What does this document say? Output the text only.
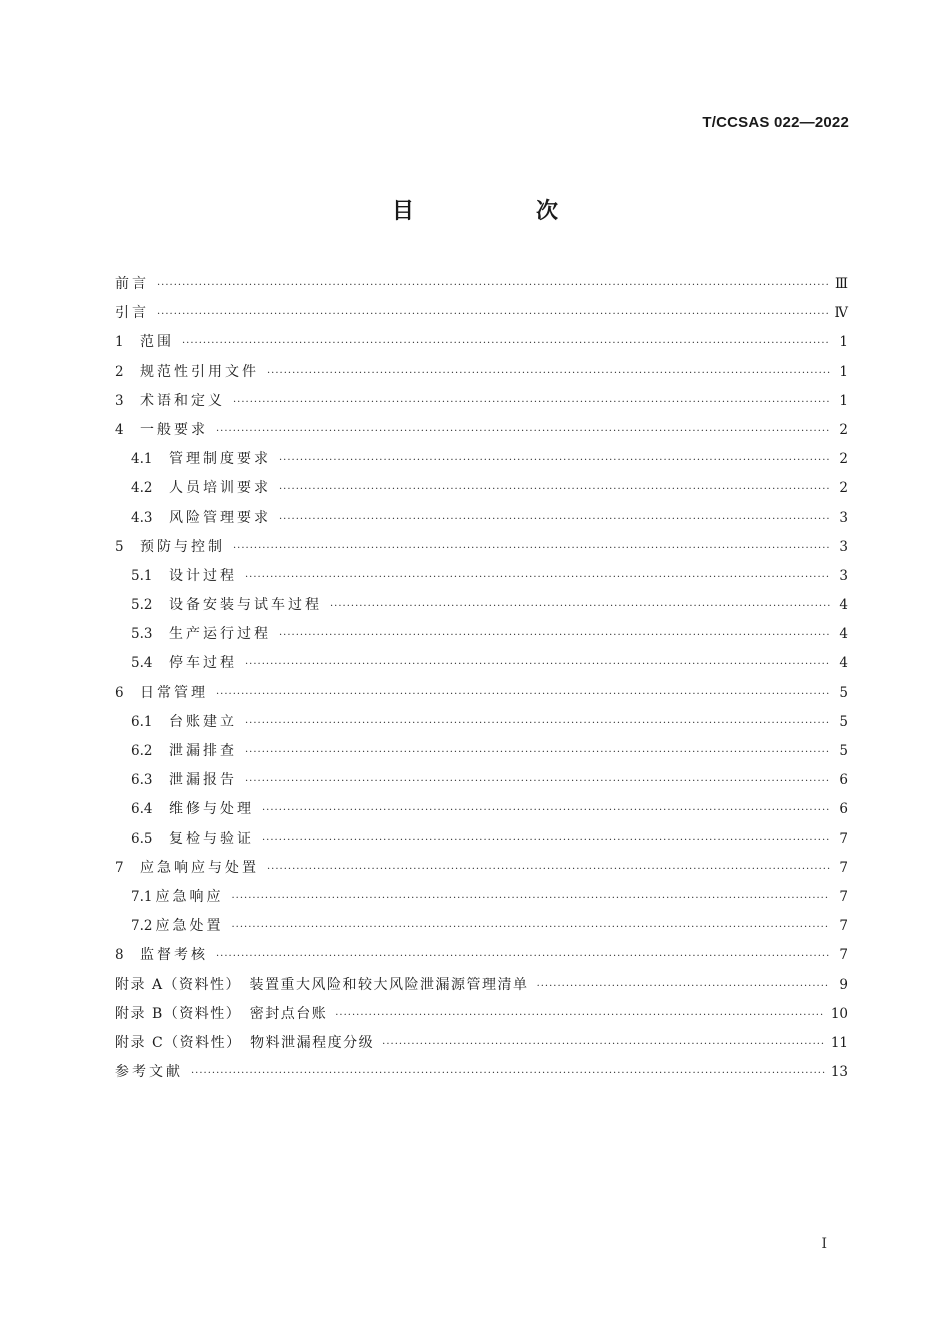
T/CCSAS 022—2022
目　次
前言 ·····	Ⅲ
引言 ·····	Ⅳ
1	范围 ·····	1
2	规范性引用文件 ·····	1
3	术语和定义 ·····	1
4	一般要求 ·····	2
4.1	管理制度要求 ·····	2
4.2	人员培训要求 ·····	2
4.3	风险管理要求 ·····	3
5	预防与控制 ·····	3
5.1	设计过程 ·····	3
5.2	设备安装与试车过程 ·····	4
5.3	生产运行过程 ·····	4
5.4	停车过程 ·····	4
6	日常管理 ·····	5
6.1	台账建立 ·····	5
6.2	泄漏排查 ·····	5
6.3	泄漏报告 ·····	6
6.4	维修与处理 ·····	6
6.5	复检与验证 ·····	7
7	应急响应与处置 ·····	7
7.1 应急响应 ·····	7
7.2 应急处置 ·····	7
8	监督考核 ·····	7
附录 A（资料性）　装置重大风险和较大风险泄漏源管理清单 ·····	9
附录 B（资料性）　密封点台账 ·····	10
附录 C（资料性）　物料泄漏程度分级 ·····	11
参考文献 ·····	13
Ⅰ
